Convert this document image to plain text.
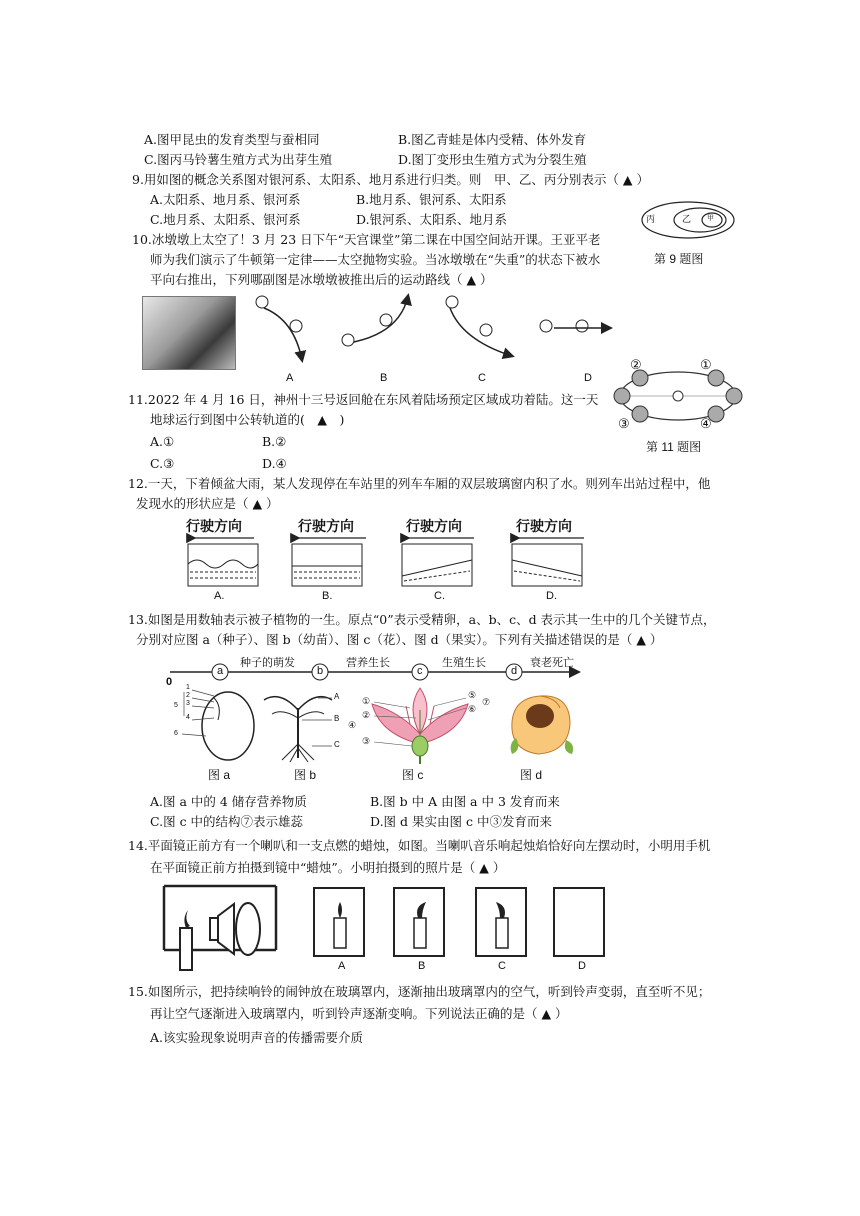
A.图甲昆虫的发育类型与蚕相同	B.图乙青蛙是体内受精、体外发育
C.图丙马铃薯生殖方式为出芽生殖	D.图丁变形虫生殖方式为分裂生殖
9.用如图的概念关系图对银河系、太阳系、地月系进行归类。则　甲、乙、丙分别表示（ ▲ ）
A.太阳系、地月系、银河系	B.地月系、银河系、太阳系
C.地月系、太阳系、银河系	D.银河系、太阳系、地月系	丙	乙 甲
第 9 题图
10.冰墩墩上太空了！3 月 23 日下午“天宫课堂”第二课在中国空间站开课。王亚平老
师为我们演示了牛顿第一定律——太空抛物实验。当冰墩墩在“失重”的状态下被水
平向右推出，下列哪副图是冰墩墩被推出后的运动路线（ ▲ ）
A	B	C	D
②	①
③	④
第 11 题图
11.2022 年 4 月 16 日，神州十三号返回舱在东风着陆场预定区域成功着陆。这一天
地球运行到图中公转轨道的(　▲　)
A.①	B.②
C.③	D.④
12.一天，下着倾盆大雨，某人发现停在车站里的列车车厢的双层玻璃窗内积了水。则列车出站过程中，他
发现水的形状应是（ ▲ ）
行驶方向	行驶方向	行驶方向	行驶方向
A.	B.	C.	D.
13.如图是用数轴表示被子植物的一生。原点“0”表示受精卵，a、b、c、d 表示其一生中的几个关键节点，
分别对应图 a（种子）、图 b（幼苗）、图 c（花）、图 d（果实）。下列有关描述错误的是（ ▲ ）
0
a	b	c	d
种子的萌发	营养生长	生殖生长	衰老死亡
1
2
3
4
5
6
A
B
C
①
②
③
④
⑤
⑥
⑦
图 a	图 b	图 c	图 d
A.图 a 中的 4 储存营养物质	B.图 b 中 A 由图 a 中 3 发育而来
C.图 c 中的结构⑦表示雄蕊	D.图 d 果实由图 c 中③发育而来
14.平面镜正前方有一个喇叭和一支点燃的蜡烛，如图。当喇叭音乐响起烛焰恰好向左摆动时，小明用手机
在平面镜正前方拍摄到镜中“蜡烛”。小明拍摄到的照片是（ ▲ ）
A	B	C	D
15.如图所示，把持续响铃的闹钟放在玻璃罩内，逐渐抽出玻璃罩内的空气，听到铃声变弱，直至听不见；
再让空气逐渐进入玻璃罩内，听到铃声逐渐变响。下列说法正确的是（ ▲ ）
A.该实验现象说明声音的传播需要介质
